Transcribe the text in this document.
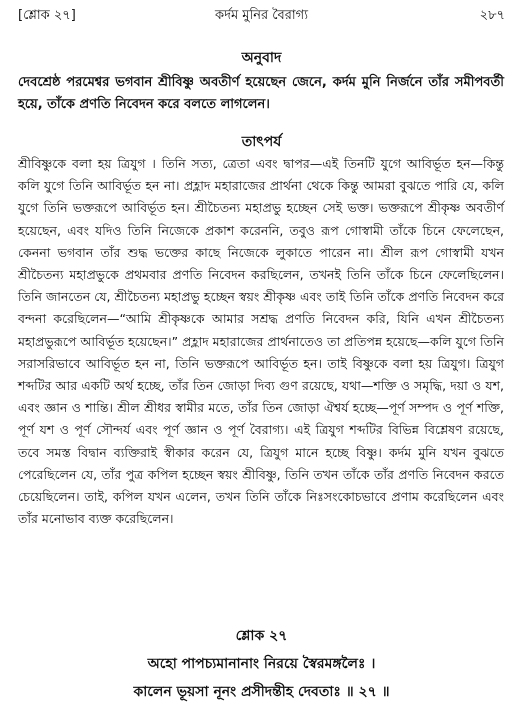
[শ্লোক ২৭]	কর্দম মুনির বৈরাগ্য	২৮৭
অনুবাদ
দেবশ্রেষ্ঠ পরমেশ্বর ভগবান শ্রীবিষ্ণু অবতীর্ণ হয়েছেন জেনে, কর্দম মুনি নির্জনে তাঁর সমীপবর্তী হয়ে, তাঁকে প্রণতি নিবেদন করে বলতে লাগলেন।
তাৎপর্য
শ্রীবিষ্ণুকে বলা হয় ত্রিযুগ । তিনি সত্য, ত্রেতা এবং দ্বাপর—এই তিনটি যুগে আবির্ভূত হন—কিন্তু কলি যুগে তিনি আবির্ভূত হন না। প্রহ্লাদ মহারাজের প্রার্থনা থেকে কিন্তু আমরা বুঝতে পারি যে, কলি যুগে তিনি ভক্তরূপে আবির্ভূত হন। শ্রীচৈতন্য মহাপ্রভু হচ্ছেন সেই ভক্ত। ভক্তরূপে শ্রীকৃষ্ণ অবতীর্ণ হয়েছেন, এবং যদিও তিনি নিজেকে প্রকাশ করেননি, তবুও রূপ গোস্বামী তাঁকে চিনে ফেলেছেন, কেননা ভগবান তাঁর শুদ্ধ ভক্তের কাছে নিজেকে লুকাতে পারেন না। শ্রীল রূপ গোস্বামী যখন শ্রীচৈতন্য মহাপ্রভুকে প্রথমবার প্রণতি নিবেদন করছিলেন, তখনই তিনি তাঁকে চিনে ফেলেছিলেন। তিনি জানতেন যে, শ্রীচৈতন্য মহাপ্রভু হচ্ছেন স্বয়ং শ্রীকৃষ্ণ এবং তাই তিনি তাঁকে প্রণতি নিবেদন করে বন্দনা করেছিলেন—“আমি শ্রীকৃষ্ণকে আমার সশ্রদ্ধ প্রণতি নিবেদন করি, যিনি এখন শ্রীচৈতন্য মহাপ্রভুরূপে আবির্ভূত হয়েছেন।” প্রহ্লাদ মহারাজের প্রার্থনাতেও তা প্রতিপন্ন হয়েছে—কলি যুগে তিনি সরাসরিভাবে আবির্ভূত হন না, তিনি ভক্তরূপে আবির্ভূত হন। তাই বিষ্ণুকে বলা হয় ত্রিযুগ। ত্রিযুগ শব্দটির আর একটি অর্থ হচ্ছে, তাঁর তিন জোড়া দিব্য গুণ রয়েছে, যথা—শক্তি ও সমৃদ্ধি, দয়া ও যশ, এবং জ্ঞান ও শান্তি। শ্রীল শ্রীধর স্বামীর মতে, তাঁর তিন জোড়া ঐশ্বর্য হচ্ছে—পূর্ণ সম্পদ ও পূর্ণ শক্তি, পূর্ণ যশ ও পূর্ণ সৌন্দর্য এবং পূর্ণ জ্ঞান ও পূর্ণ বৈরাগ্য। এই ত্রিযুগ শব্দটির বিভিন্ন বিশ্লেষণ রয়েছে, তবে সমস্ত বিদ্বান ব্যক্তিরাই স্বীকার করেন যে, ত্রিযুগ মানে হচ্ছে বিষ্ণু। কর্দম মুনি যখন বুঝতে পেরেছিলেন যে, তাঁর পুত্র কপিল হচ্ছেন স্বয়ং শ্রীবিষ্ণু, তিনি তখন তাঁকে তাঁর প্রণতি নিবেদন করতে চেয়েছিলেন। তাই, কপিল যখন এলেন, তখন তিনি তাঁকে নিঃসংকোচভাবে প্রণাম করেছিলেন এবং তাঁর মনোভাব ব্যক্ত করেছিলেন।
শ্লোক ২৭
অহো পাপচ্যমানানাং নিরয়ে স্বৈরমঙ্গলৈঃ ।
কালেন ভূয়সা নূনং প্রসীদন্তীহ দেবতাঃ ॥ ২৭ ॥
